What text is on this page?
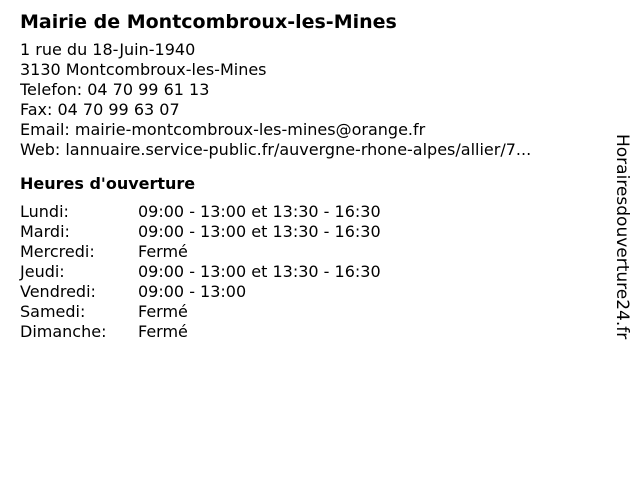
Mairie de Montcombroux-les-Mines
1 rue du 18-Juin-1940
3130 Montcombroux-les-Mines
Telefon: 04 70 99 61 13
Fax: 04 70 99 63 07
Email: mairie-montcombroux-les-mines@orange.fr
Web: lannuaire.service-public.fr/auvergne-rhone-alpes/allier/7...
Heures d'ouverture
Lundi:	09:00 - 13:00 et 13:30 - 16:30
Mardi:	09:00 - 13:00 et 13:30 - 16:30
Mercredi:	Fermé
Jeudi:	09:00 - 13:00 et 13:30 - 16:30
Vendredi:	09:00 - 13:00
Samedi:	Fermé
Dimanche:	Fermé	Horairesdouverture24.fr
